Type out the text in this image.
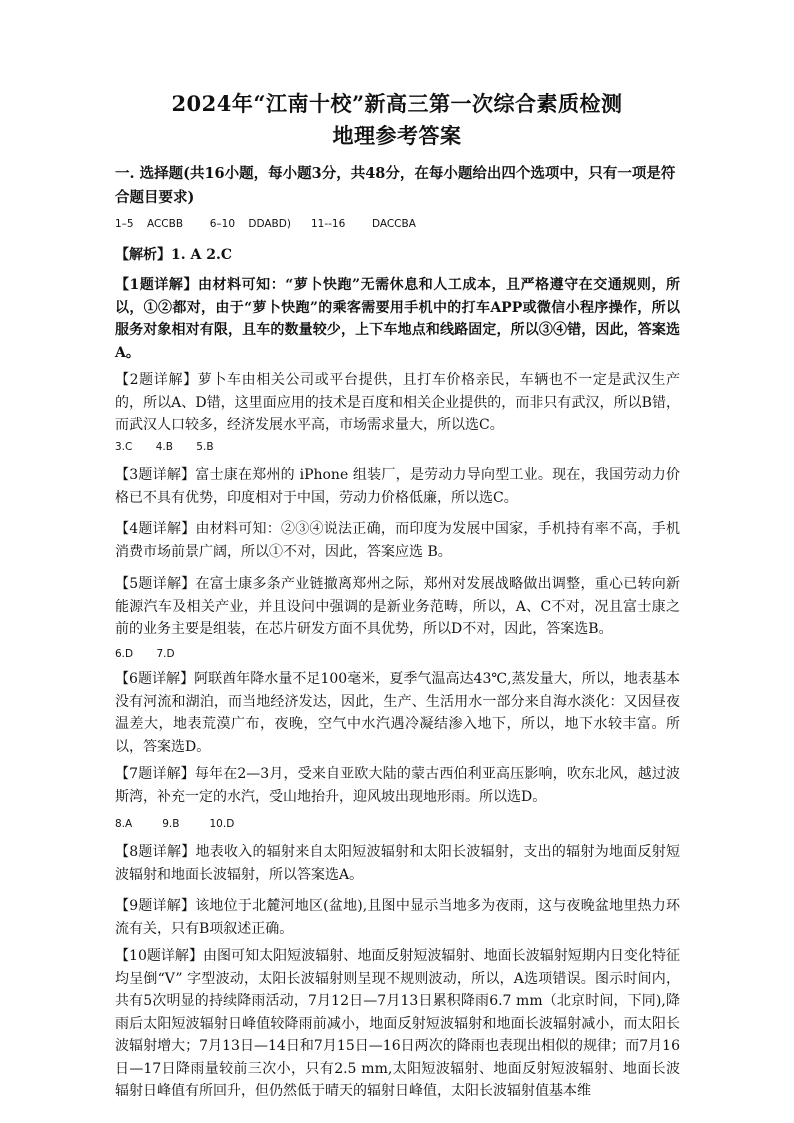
2024年“江南十校”新高三第一次综合素质检测
地理参考答案
一. 选择题(共16小题，每小题3分，共48分，在每小题给出四个选项中，只有一项是符合题目要求)
1–5    ACCBB        6–10    DDABD)      11--16        DACCBA
【解析】1. A 2.C
【1题详解】由材料可知：“萝卜快跑”无需休息和人工成本，且严格遵守在交通规则，所以，①②都对，由于“萝卜快跑”的乘客需要用手机中的打车APP或微信小程序操作，所以服务对象相对有限，且车的数量较少，上下车地点和线路固定，所以③④错，因此，答案选A。
【2题详解】萝卜车由相关公司或平台提供，且打车价格亲民，车辆也不一定是武汉生产的，所以A、D错，这里面应用的技术是百度和相关企业提供的，而非只有武汉，所以B错，而武汉人口较多，经济发展水平高，市场需求量大，所以选C。
3.C       4.B       5.B
【3题详解】富士康在郑州的 iPhone 组装厂，是劳动力导向型工业。现在，我国劳动力价格已不具有优势，印度相对于中国，劳动力价格低廉，所以选C。
【4题详解】由材料可知：②③④说法正确，而印度为发展中国家，手机持有率不高，手机消费市场前景广阔，所以①不对，因此，答案应选 B。
【5题详解】在富士康多条产业链撤离郑州之际，郑州对发展战略做出调整，重心已转向新能源汽车及相关产业，并且设问中强调的是新业务范畴，所以，A、C不对，况且富士康之前的业务主要是组装，在芯片研发方面不具优势，所以D不对，因此，答案选B。
6.D       7.D
【6题详解】阿联酋年降水量不足100毫米，夏季气温高达43℃,蒸发量大，所以，地表基本没有河流和湖泊，而当地经济发达，因此，生产、生活用水一部分来自海水淡化：又因昼夜温差大，地表荒漠广布，夜晚，空气中水汽遇冷凝结渗入地下，所以，地下水较丰富。所以，答案选D。
【7题详解】每年在2—3月，受来自亚欧大陆的蒙古西伯利亚高压影响，吹东北风，越过波斯湾，补充一定的水汽，受山地抬升，迎风坡出现地形雨。所以选D。
8.A         9.B         10.D
【8题详解】地表收入的辐射来自太阳短波辐射和太阳长波辐射，支出的辐射为地面反射短波辐射和地面长波辐射，所以答案选A。
【9题详解】该地位于北麓河地区(盆地),且图中显示当地多为夜雨，这与夜晚盆地里热力环流有关，只有B项叙述正确。
【10题详解】由图可知太阳短波辐射、地面反射短波辐射、地面长波辐射短期内日变化特征均呈倒“V” 字型波动，太阳长波辐射则呈现不规则波动，所以，A选项错误。图示时间内，共有5次明显的持续降雨活动，7月12日—7月13日累积降雨6.7 mm（北京时间，下同),降雨后太阳短波辐射日峰值较降雨前减小，地面反射短波辐射和地面长波辐射减小，而太阳长波辐射增大；7月13日—14日和7月15日—16日两次的降雨也表现出相似的规律；而7月16日—17日降雨量较前三次小，只有2.5 mm,太阳短波辐射、地面反射短波辐射、地面长波辐射日峰值有所回升，但仍然低于晴天的辐射日峰值，太阳长波辐射值基本维
